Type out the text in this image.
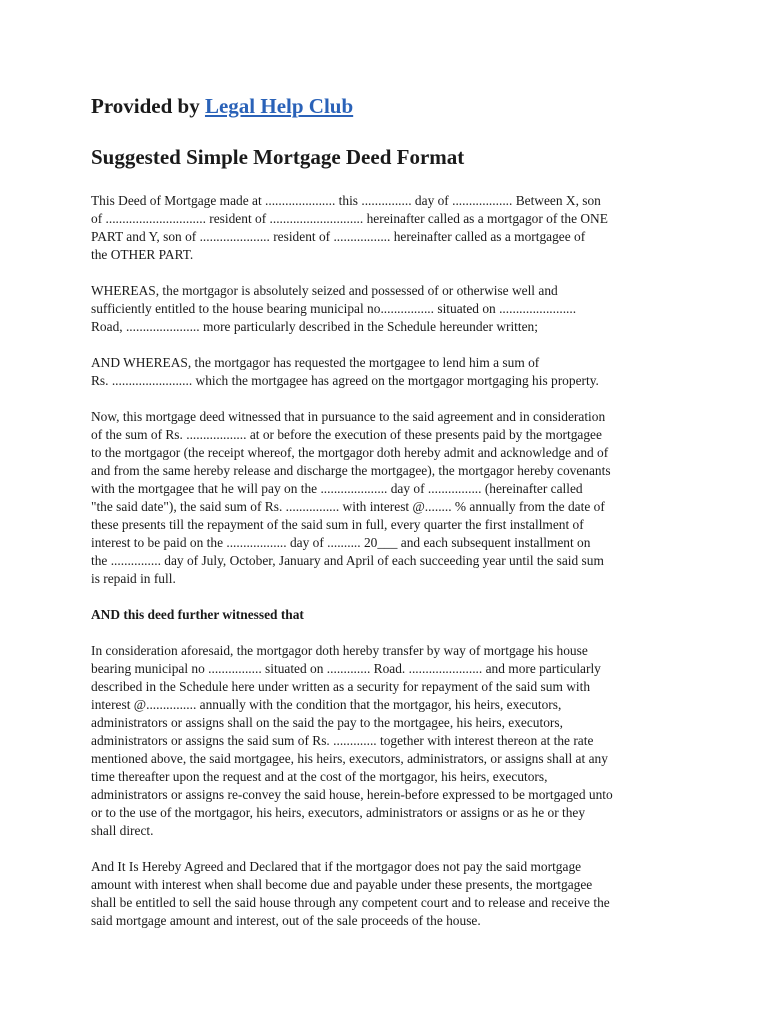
Provided by Legal Help Club
Suggested Simple Mortgage Deed Format
This Deed of Mortgage made at ..................... this ............... day of .................. Between X, son
of .............................. resident of ............................ hereinafter called as a mortgagor of the ONE
PART and Y, son of ..................... resident of ................. hereinafter called as a mortgagee of
the OTHER PART.
WHEREAS, the mortgagor is absolutely seized and possessed of or otherwise well and
sufficiently entitled to the house bearing municipal no................ situated on .......................
Road, ...................... more particularly described in the Schedule hereunder written;
AND WHEREAS, the mortgagor has requested the mortgagee to lend him a sum of
Rs. ........................ which the mortgagee has agreed on the mortgagor mortgaging his property.
Now, this mortgage deed witnessed that in pursuance to the said agreement and in consideration
of the sum of Rs. .................. at or before the execution of these presents paid by the mortgagee
to the mortgagor (the receipt whereof, the mortgagor doth hereby admit and acknowledge and of
and from the same hereby release and discharge the mortgagee), the mortgagor hereby covenants
with the mortgagee that he will pay on the .................... day of ................ (hereinafter called
"the said date"), the said sum of Rs. ................ with interest @........ % annually from the date of
these presents till the repayment of the said sum in full, every quarter the first installment of
interest to be paid on the .................. day of .......... 20___ and each subsequent installment on
the ............... day of July, October, January and April of each succeeding year until the said sum
is repaid in full.
AND this deed further witnessed that
In consideration aforesaid, the mortgagor doth hereby transfer by way of mortgage his house
bearing municipal no ................ situated on ............. Road. ...................... and more particularly
described in the Schedule here under written as a security for repayment of the said sum with
interest @............... annually with the condition that the mortgagor, his heirs, executors,
administrators or assigns shall on the said the pay to the mortgagee, his heirs, executors,
administrators or assigns the said sum of Rs. ............. together with interest thereon at the rate
mentioned above, the said mortgagee, his heirs, executors, administrators, or assigns shall at any
time thereafter upon the request and at the cost of the mortgagor, his heirs, executors,
administrators or assigns re-convey the said house, herein-before expressed to be mortgaged unto
or to the use of the mortgagor, his heirs, executors, administrators or assigns or as he or they
shall direct.
And It Is Hereby Agreed and Declared that if the mortgagor does not pay the said mortgage
amount with interest when shall become due and payable under these presents, the mortgagee
shall be entitled to sell the said house through any competent court and to release and receive the
said mortgage amount and interest, out of the sale proceeds of the house.
